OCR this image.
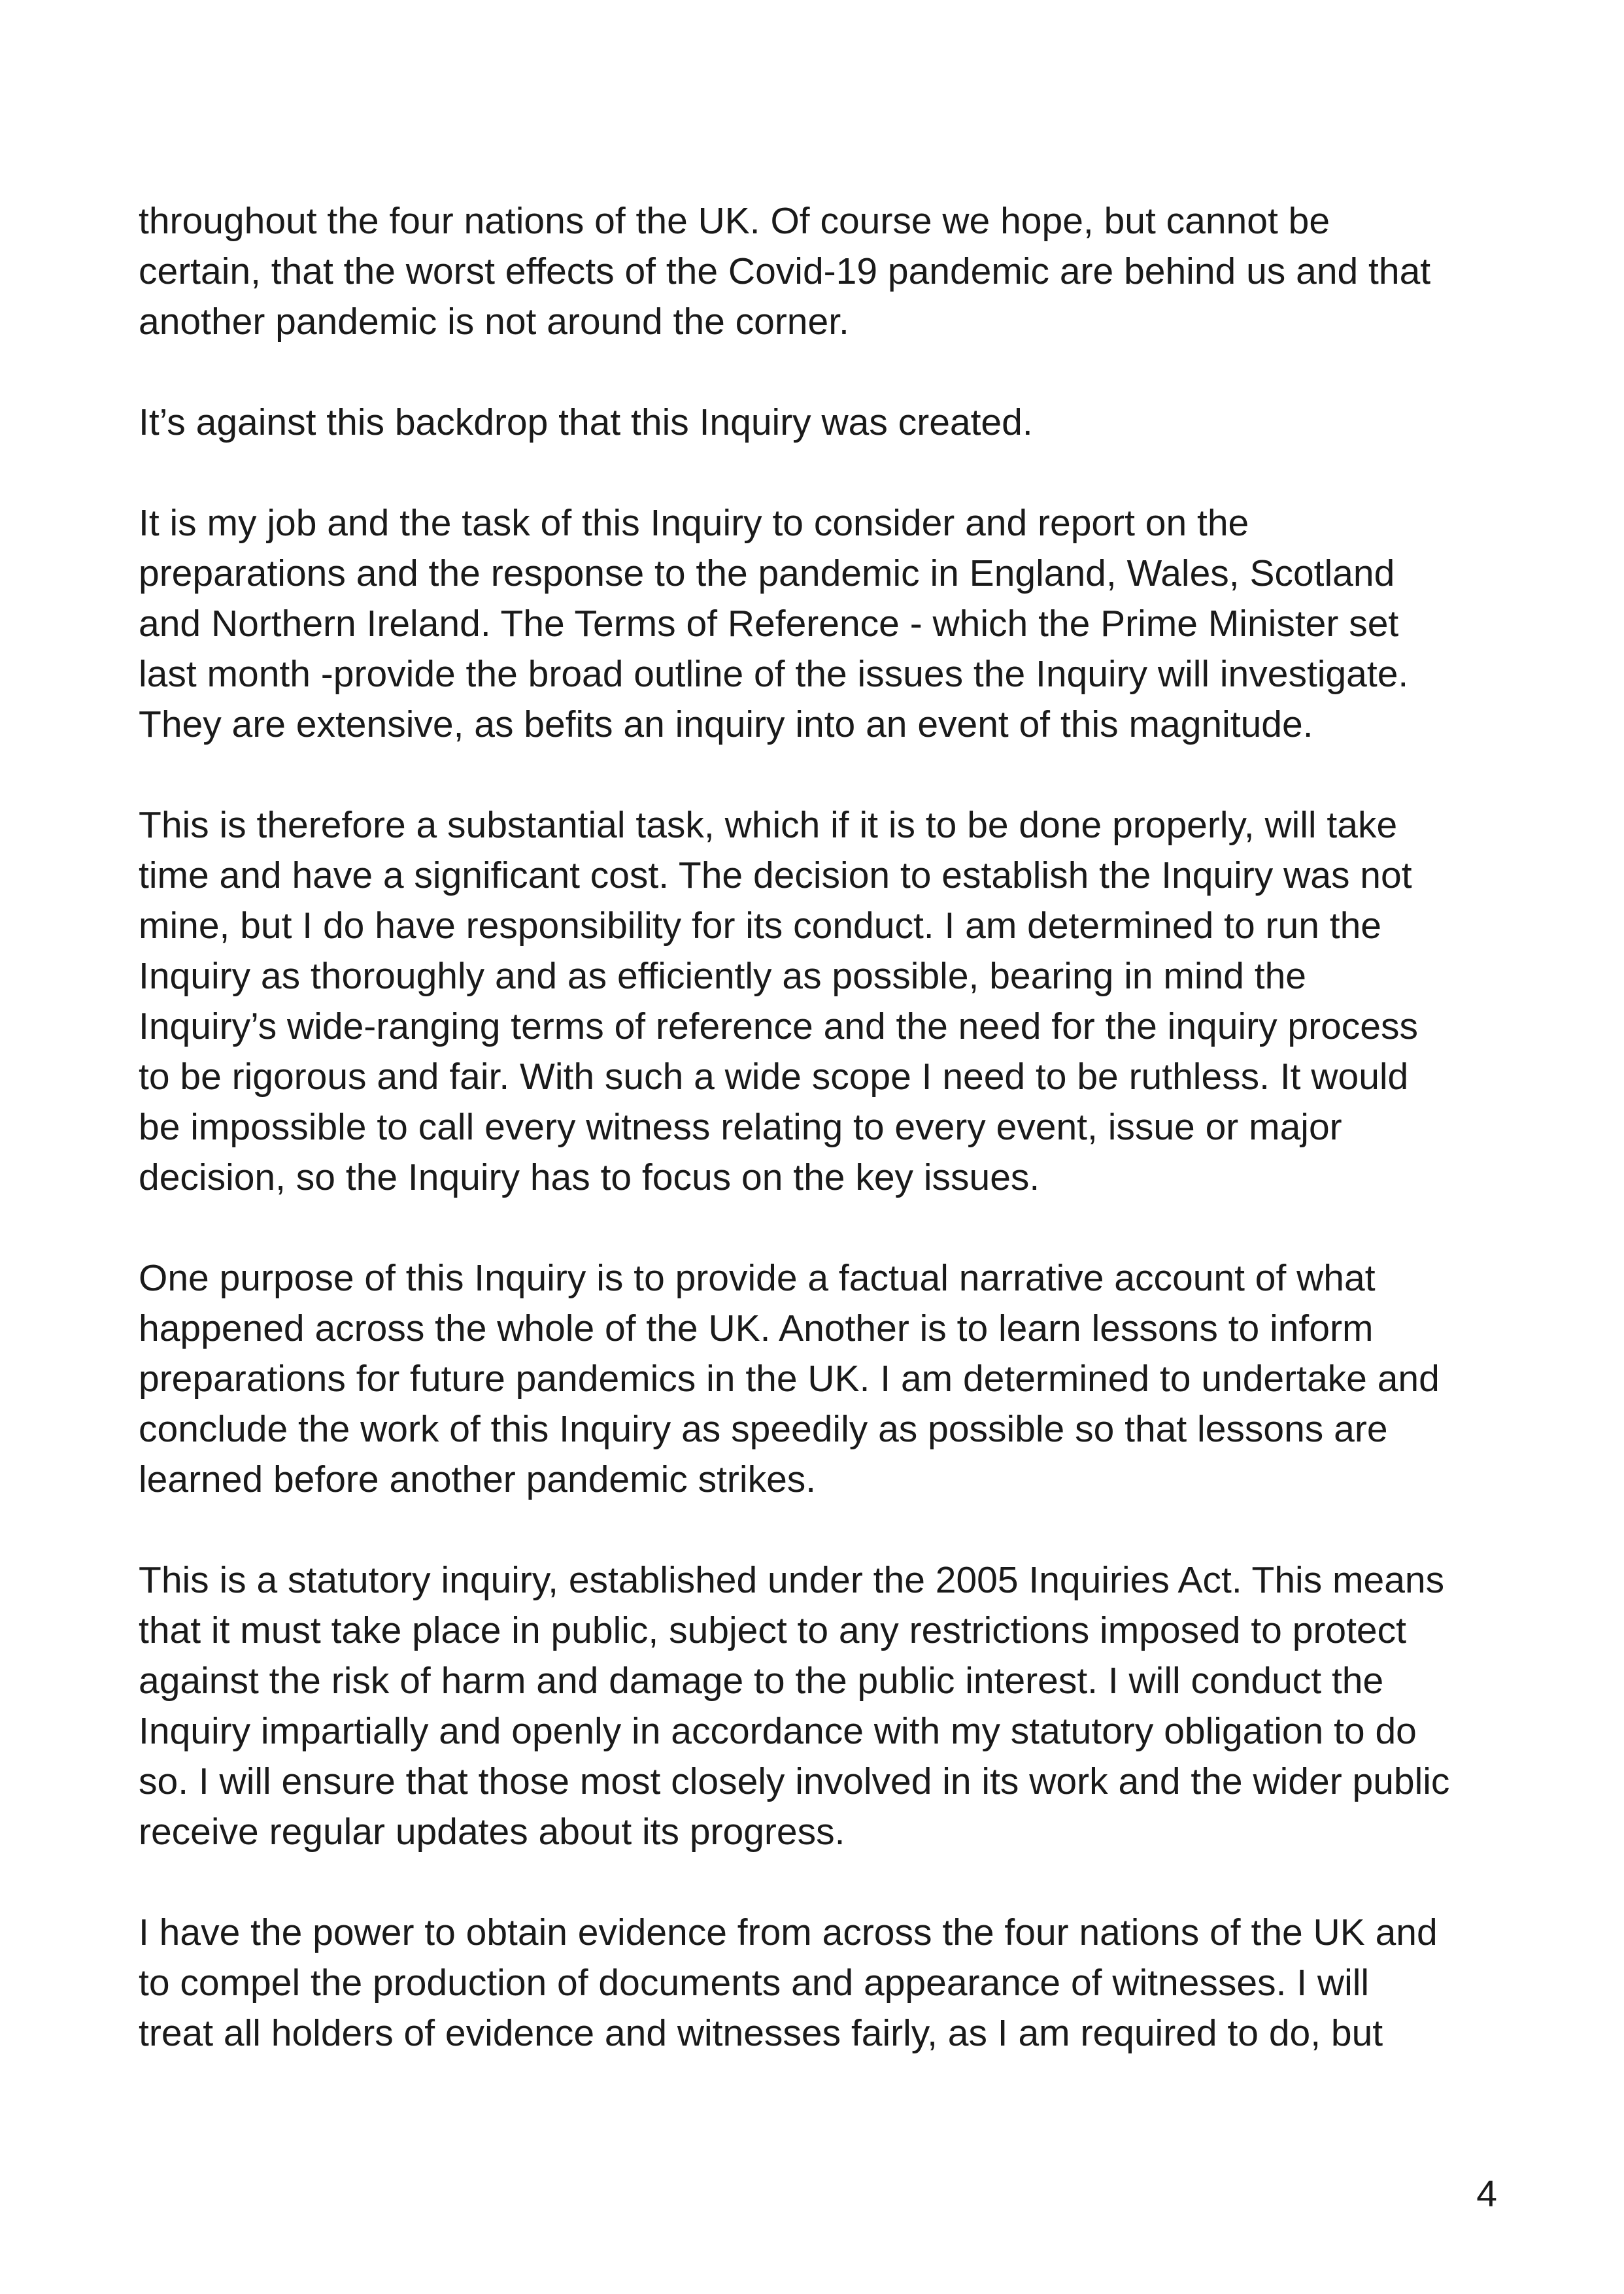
throughout the four nations of the UK. Of course we hope, but cannot be
certain, that the worst effects of the Covid-19 pandemic are behind us and that
another pandemic is not around the corner.

It’s against this backdrop that this Inquiry was created.

It is my job and the task of this Inquiry to consider and report on the
preparations and the response to the pandemic in England, Wales, Scotland
and Northern Ireland. The Terms of Reference - which the Prime Minister set
last month -provide the broad outline of the issues the Inquiry will investigate.
They are extensive, as befits an inquiry into an event of this magnitude.

This is therefore a substantial task, which if it is to be done properly, will take
time and have a significant cost. The decision to establish the Inquiry was not
mine, but I do have responsibility for its conduct. I am determined to run the
Inquiry as thoroughly and as efficiently as possible, bearing in mind the
Inquiry’s wide-ranging terms of reference and the need for the inquiry process
to be rigorous and fair. With such a wide scope I need to be ruthless. It would
be impossible to call every witness relating to every event, issue or major
decision, so the Inquiry has to focus on the key issues.

One purpose of this Inquiry is to provide a factual narrative account of what
happened across the whole of the UK. Another is to learn lessons to inform
preparations for future pandemics in the UK. I am determined to undertake and
conclude the work of this Inquiry as speedily as possible so that lessons are
learned before another pandemic strikes.

This is a statutory inquiry, established under the 2005 Inquiries Act. This means
that it must take place in public, subject to any restrictions imposed to protect
against the risk of harm and damage to the public interest. I will conduct the
Inquiry impartially and openly in accordance with my statutory obligation to do
so. I will ensure that those most closely involved in its work and the wider public
receive regular updates about its progress.

I have the power to obtain evidence from across the four nations of the UK and
to compel the production of documents and appearance of witnesses. I will
treat all holders of evidence and witnesses fairly, as I am required to do, but

4
